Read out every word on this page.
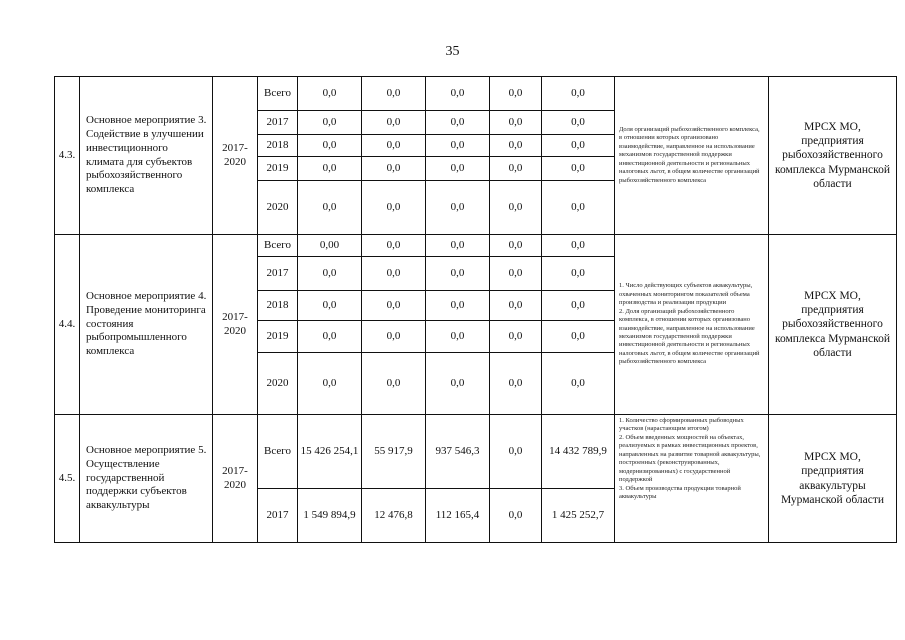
35
4.3.	Основное мероприятие 3. Содействие в улучшении инвестиционного климата для субъектов рыбохозяйственного комплекса	2017-2020	Всего	0,0	0,0	0,0	0,0	0,0	Доля организаций рыбохозяйственного комплекса, в отношении которых организовано взаимодействие, направленное на использование механизмов государственной поддержки инвестиционной деятельности и региональных налоговых льгот, в общем количестве организаций рыбохозяйственного комплекса	МРСХ МО, предприятия рыбохозяйственного комплекса Мурманской области
			2017	0,0	0,0	0,0	0,0	0,0		
			2018	0,0	0,0	0,0	0,0	0,0		
			2019	0,0	0,0	0,0	0,0	0,0		
			2020	0,0	0,0	0,0	0,0	0,0		
4.4.	Основное мероприятие 4. Проведение мониторинга состояния рыбопромышленного комплекса	2017-2020	Всего	0,00	0,0	0,0	0,0	0,0	1. Число действующих субъектов аквакультуры, охваченных мониторингом показателей объема производства и реализации продукции
2. Доля организаций рыбохозяйственного комплекса, в отношении которых организовано взаимодействие, направленное на использование механизмов государственной поддержки инвестиционной деятельности и региональных налоговых льгот, в общем количестве организаций рыбохозяйственного комплекса	МРСХ МО, предприятия рыбохозяйственного комплекса Мурманской области
			2017	0,0	0,0	0,0	0,0	0,0		
			2018	0,0	0,0	0,0	0,0	0,0		
			2019	0,0	0,0	0,0	0,0	0,0		
			2020	0,0	0,0	0,0	0,0	0,0		
4.5.	Основное мероприятие 5. Осуществление государственной поддержки субъектов аквакультуры	2017-2020	Всего	15 426 254,1	55 917,9	937 546,3	0,0	14 432 789,9	1. Количество сформированных рыбоводных участков (нарастающим итогом)
2. Объем введенных мощностей на объектах, реализуемых в рамках инвестиционных проектов, направленных на развитие товарной аквакультуры, построенных (реконструированных, модернизированных) с государственной поддержкой
3. Объем производства продукции товарной аквакультуры	МРСХ МО, предприятия аквакультуры Мурманской области
			2017	1 549 894,9	12 476,8	112 165,4	0,0	1 425 252,7		
